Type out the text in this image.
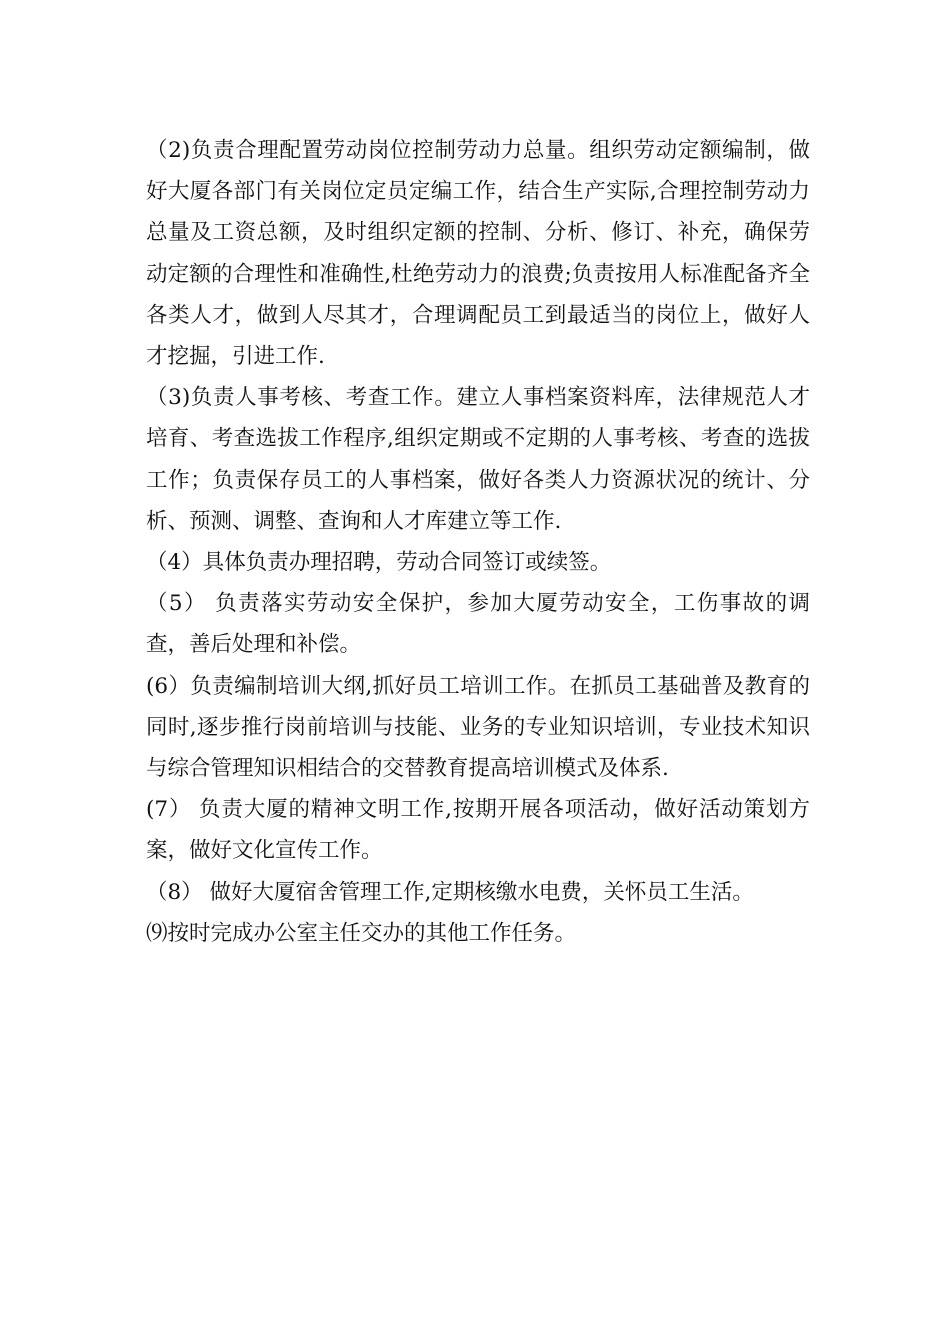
（2)负责合理配置劳动岗位控制劳动力总量。组织劳动定额编制，做好大厦各部门有关岗位定员定编工作，结合生产实际,合理控制劳动力总量及工资总额，及时组织定额的控制、分析、修订、补充，确保劳动定额的合理性和准确性,杜绝劳动力的浪费;负责按用人标准配备齐全各类人才，做到人尽其才，合理调配员工到最适当的岗位上，做好人才挖掘，引进工作.

（3)负责人事考核、考查工作。建立人事档案资料库，法律规范人才培育、考查选拔工作程序,组织定期或不定期的人事考核、考查的选拔工作；负责保存员工的人事档案，做好各类人力资源状况的统计、分析、预测、调整、查询和人才库建立等工作.

（4）具体负责办理招聘，劳动合同签订或续签。

（5） 负责落实劳动安全保护，参加大厦劳动安全，工伤事故的调查，善后处理和补偿。

(6）负责编制培训大纲,抓好员工培训工作。在抓员工基础普及教育的同时,逐步推行岗前培训与技能、业务的专业知识培训，专业技术知识与综合管理知识相结合的交替教育提高培训模式及体系.

(7） 负责大厦的精神文明工作,按期开展各项活动，做好活动策划方案，做好文化宣传工作。

（8） 做好大厦宿舍管理工作,定期核缴水电费，关怀员工生活。

⑼按时完成办公室主任交办的其他工作任务。
